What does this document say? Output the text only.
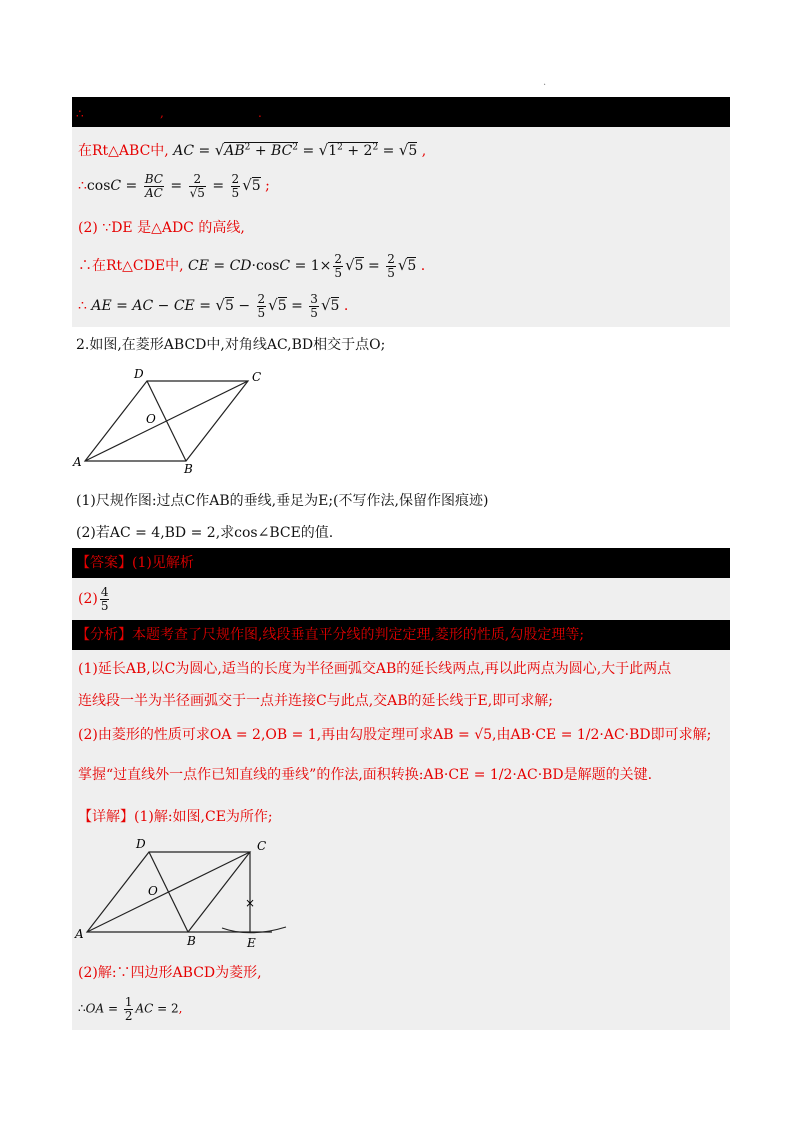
.
∴	,	.
在Rt△ABC中, AC = $√AB^2 + BC^2 = √1^2 + 2^2 = √5$ ,
∴cosC = $\frac{BC}{AC} = \frac{2}{√5} = \frac{2}{5} √5$ ;
(2) ∵DE 是△ADC 的高线,
∴在Rt△CDE中, CE = $CD\cdot\cos C = 1\times \frac{2}{5} √5 = \frac{2}{5} √5$ .
∴ AE = AC − CE = $√5 - \frac{2}{5} √5 = \frac{3}{5} √5$ .
2.如图,在菱形ABCD中,对角线AC,BD相交于点O;
D	C
O
A	B
(1)尺规作图:过点C作AB的垂线,垂足为E;(不写作法,保留作图痕迹)
(2)若AC = 4,BD = 2,求cos∠BCE的值.
【答案】(1)见解析
$(2) \frac{4}{5}$
【分析】本题考查了尺规作图,线段垂直平分线的判定定理,菱形的性质,勾股定理等;
(1)延长AB,以C为圆心,适当的长度为半径画弧交AB的延长线两点,再以此两点为圆心,大于此两点
连线段一半为半径画弧交于一点并连接C与此点,交AB的延长线于E,即可求解;
(2)由菱形的性质可求OA = 2,OB = 1,再由勾股定理可求AB = √5,由AB·CE = 1/2·AC·BD即可求解;
掌握“过直线外一点作已知直线的垂线”的作法,面积转换:AB·CE = 1/2·AC·BD是解题的关键.
【详解】(1)解:如图,CE为所作;
×
D	C
O
A	B	E
(2)解:∵四边形ABCD为菱形,
∴OA = $\frac{1}{2}$ AC = 2,
